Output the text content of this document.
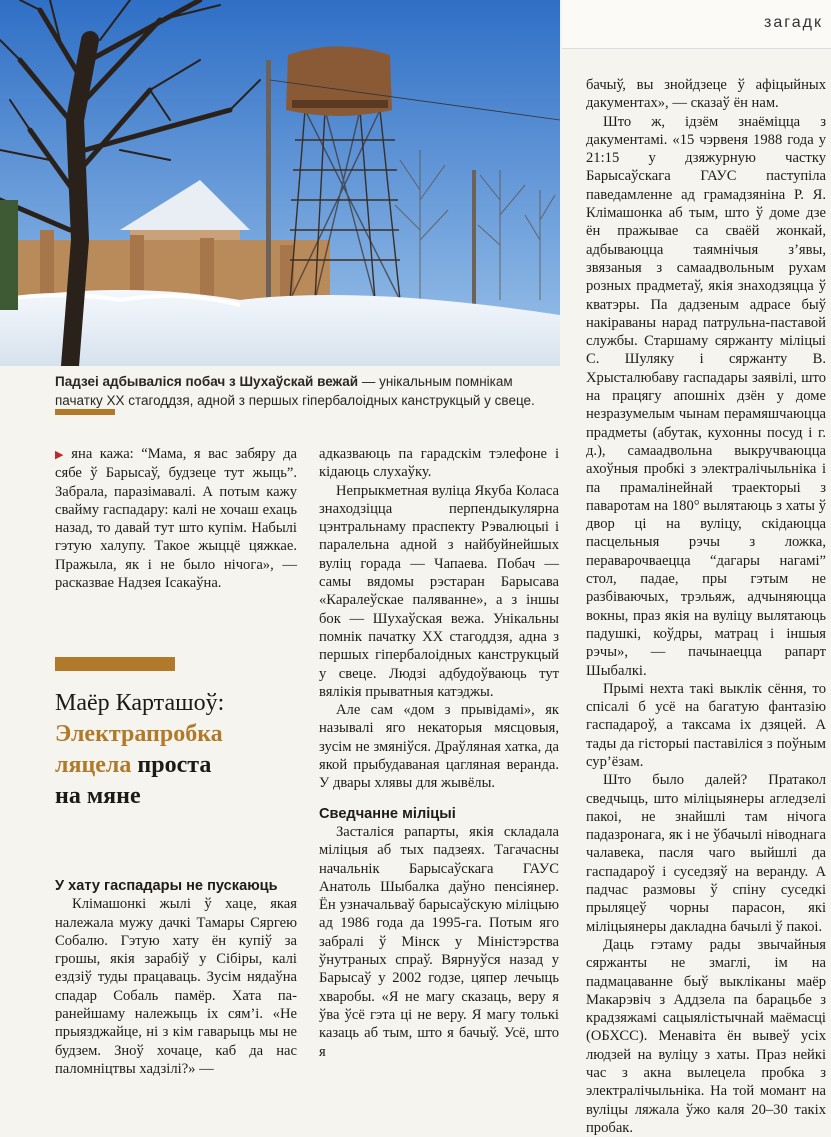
Падзеі адбываліся побач з Шухаўскай вежай — унікальным помнікам пачатку XX стагоддзя, адной з першых гіпербалоідных канструкцый у свеце.
загадк

▶ яна кажа: “Мама, я вас забяру да сябе ў Барысаў, будзеце тут жыць”. Забрала, паразімавалі. А потым кажу свайму гаспадару: калі не хочаш ехаць назад, то давай тут што купім. Набылі гэтую халупу. Такое жыццё цяжкае. Пражыла, як і не было нічога», — расказвае Надзея Ісакаўна.

Маёр Карташоў:
Электрапробка ляцела проста
на мяне

У хату гаспадары не пускаюць

Клімашонкі жылі ў хаце, якая належала мужу дачкі Тамары Сяргею Собалю. Гэтую хату ён купіў за грошы, якія зарабіў у Сібіры, калі ездзіў туды працаваць. Зусім нядаўна спадар Собаль памёр. Хата па-ранейшаму належыць іх сям’і. «Не прыязджайце, ні з кім гаварыць мы не будзем. Зноў хочаце, каб да нас паломніцтвы хадзілі?» —

адказваюць па гарадскім тэлефоне і кідаюць слухаўку.

Непрыкметная вуліца Якуба Коласа знаходзіцца перпендыкулярна цэнтральнаму праспекту Рэвалюцыі і паралельна адной з найбуйнейшых вуліц горада — Чапаева. Побач — самы вядомы рэстаран Барысава «Каралеўскае паляванне», а з іншы бок — Шухаўская вежа. Унікальны помнік пачатку XX стагоддзя, адна з першых гіпербалоідных канструкцый у свеце. Людзі адбудоўваюць тут вялікія прыватныя катэджы.

Але сам «дом з прывідамі», як называлі яго некаторыя мясцовыя, зусім не змяніўся. Драўляная хатка, да якой прыбудаваная цагляная веранда. У двары хлявы для жывёлы.

Сведчанне міліцыі

Засталіся рапарты, якія складала міліцыя аб тых падзеях. Тагачасны начальнік Барысаўскага ГАУС Анатоль Шыбалка даўно пенсіянер. Ён узначальваў барысаўскую міліцыю ад 1986 года да 1995-га. Потым яго забралі ў Мінск у Міністэрства ўнутраных спраў. Вярнуўся назад у Барысаў у 2002 годзе, цяпер лечыць хваробы. «Я не магу сказаць, веру я ўва ўсё гэта ці не веру. Я магу толькі казаць аб тым, што я бачыў. Усё, што я

бачыў, вы знойдзеце ў афіцыйных дакументах», — сказаў ён нам.

Што ж, ідзём знаёміцца з дакументамі. «15 чэрвеня 1988 года у 21:15 у дзяжурную частку Барысаўскага ГАУС паступіла паведамленне ад грамадзяніна Р. Я. Клімашонка аб тым, што ў доме дзе ён пражывае са сваёй жонкай, адбываюцца таямнічыя з’явы, звязаныя з самаадвольным рухам розных прадметаў, якія знаходзяцца ў кватэры. Па дадзеным адрасе быў накіраваны нарад патрульна-паставой службы. Старшаму сяржанту міліцыі С. Шуляку і сяржанту В. Хрысталюбаву гаспадары заявілі, што на працягу апошніх дзён у доме незразумелым чынам перамяшчаюцца прадметы (абутак, кухонны посуд і г. д.), самаадвольна выкручваюцца ахоўныя пробкі з электралічыльніка і па прамалінейнай траекторыі з паваротам на 180° вылятаюць з хаты ў двор ці на вуліцу, скідаюцца пасцельныя рэчы з ложка, пераварочваецца “дагары нагамі” стол, падае, пры гэтым не разбіваючых, трэльяж, адчыняюцца вокны, праз якія на вуліцу вылятаюць падушкі, коўдры, матрац і іншыя рэчы», — пачынаецца рапарт Шыбалкі.

Прымі нехта такі выклік сёння, то спісалі б усё на багатую фантазію гаспадароў, а таксама іх дзяцей. А тады да гісторыі паставіліся з поўным сур’ёзам.

Што было далей? Пратакол сведчыць, што міліцыянеры агледзелі пакоі, не знайшлі там нічога падазронага, як і не ўбачылі ніводнага чалавека, пасля чаго выйшлі да гаспадароў і суседзяў на веранду. А падчас размовы ў спіну суседкі прыляцеў чорны парасон, які міліцыянеры дакладна бачылі ў пакоі.

Даць гэтаму рады звычайныя сяржанты не змаглі, ім на падмацаванне быў выкліканы маёр Макарэвіч з Аддзела па барацьбе з крадзяжамі сацыялістычнай маёмасці (ОБХСС). Менавіта ён вывеў усіх людзей на вуліцу з хаты. Праз нейкі час з акна вылецела пробка з электралічыльніка. На той момант на вуліцы ляжала ўжо каля 20–30 такіх пробак.
